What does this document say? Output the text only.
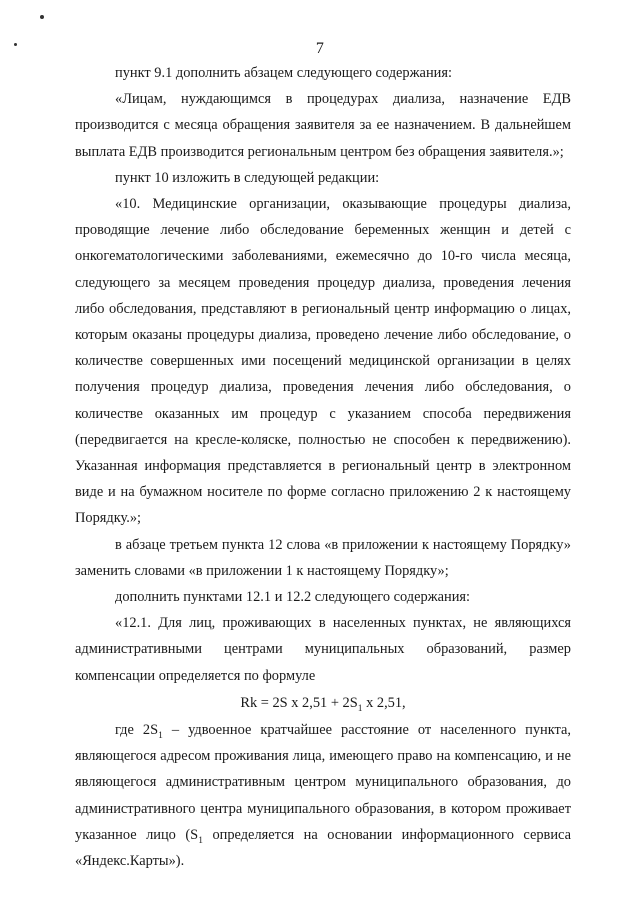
7

пункт 9.1 дополнить абзацем следующего содержания:

«Лицам, нуждающимся в процедурах диализа, назначение ЕДВ производится с месяца обращения заявителя за ее назначением. В дальнейшем выплата ЕДВ производится региональным центром без обращения заявителя.»;

пункт 10 изложить в следующей редакции:

«10. Медицинские организации, оказывающие процедуры диализа, проводящие лечение либо обследование беременных женщин и детей с онкогематологическими заболеваниями, ежемесячно до 10-го числа месяца, следующего за месяцем проведения процедур диализа, проведения лечения либо обследования, представляют в региональный центр информацию о лицах, которым оказаны процедуры диализа, проведено лечение либо обследование, о количестве совершенных ими посещений медицинской организации в целях получения процедур диализа, проведения лечения либо обследования, о количестве оказанных им процедур с указанием способа передвижения (передвигается на кресле-коляске, полностью не способен к передвижению). Указанная информация представляется в региональный центр в электронном виде и на бумажном носителе по форме согласно приложению 2 к настоящему Порядку.»;

в абзаце третьем пункта 12 слова «в приложении к настоящему Порядку» заменить словами «в приложении 1 к настоящему Порядку»;

дополнить пунктами 12.1 и 12.2 следующего содержания:

«12.1. Для лиц, проживающих в населенных пунктах, не являющихся административными центрами муниципальных образований, размер компенсации определяется по формуле

Rk = 2S x $2,51 + 2S_1$ x 2,51,

где $2S_1$ – удвоенное кратчайшее расстояние от населенного пункта, являющегося адресом проживания лица, имеющего право на компенсацию, и не являющегося административным центром муниципального образования, до административного центра муниципального образования, в котором проживает указанное лицо ($S_1$ определяется на основании информационного сервиса «Яндекс.Карты»).
